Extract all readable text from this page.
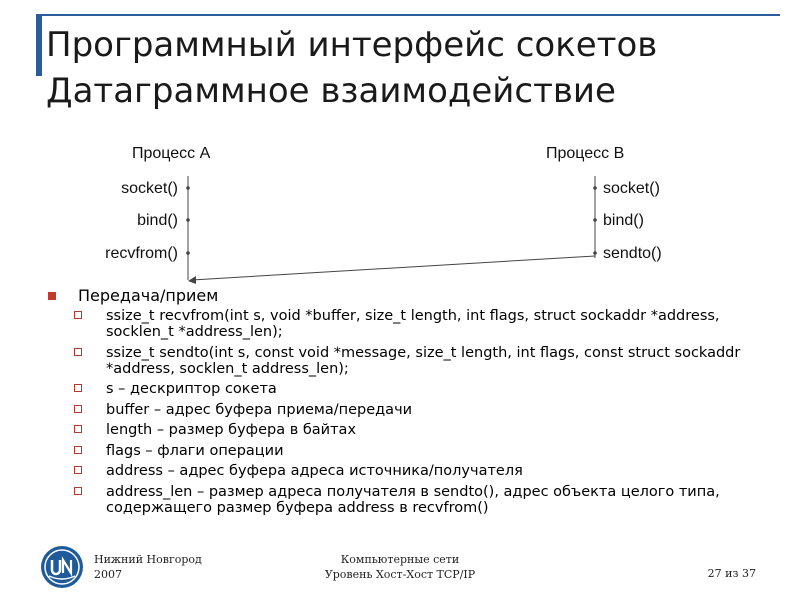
Программный интерфейс сокетов
Датаграммное взаимодействие
Процесс A	Процесс B
socket()
bind()
recvfrom()
socket()
bind()
sendto()
Передача/прием
ssize_t recvfrom(int s, void *buffer, size_t length, int flags, struct sockaddr *address, socklen_t *address_len);
ssize_t sendto(int s, const void *message, size_t length, int flags, const struct sockaddr *address, socklen_t address_len);
s – дескриптор сокета
buffer – адрес буфера приема/передачи
length – размер буфера в байтах
flags – флаги операции
address – адрес буфера адреса источника/получателя
address_len – размер адреса получателя в sendto(), адрес объекта целого типа, содержащего размер буфера address в recvfrom()
Нижний Новгород
2007
Компьютерные сети
Уровень Хост-Хост TCP/IP	27 из 37
